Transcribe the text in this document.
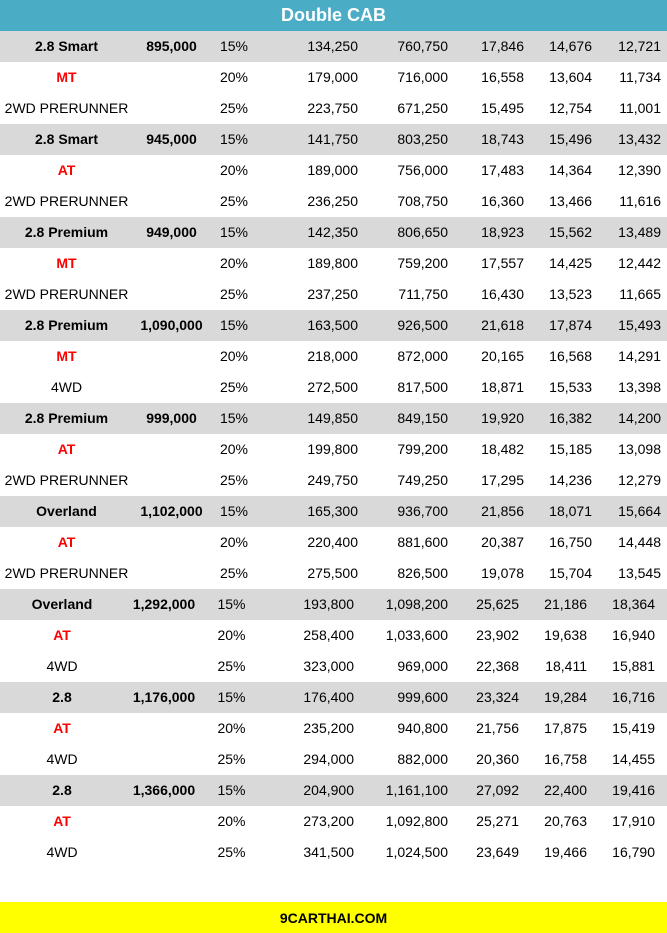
Double CAB
2.8 Smart	895,000	15%	134,250	760,750	17,846	14,676	12,721
MT	20%	179,000	716,000	16,558	13,604	11,734
2WD PRERUNNER	25%	223,750	671,250	15,495	12,754	11,001
2.8 Smart	945,000	15%	141,750	803,250	18,743	15,496	13,432
AT	20%	189,000	756,000	17,483	14,364	12,390
2WD PRERUNNER	25%	236,250	708,750	16,360	13,466	11,616
2.8 Premium	949,000	15%	142,350	806,650	18,923	15,562	13,489
MT	20%	189,800	759,200	17,557	14,425	12,442
2WD PRERUNNER	25%	237,250	711,750	16,430	13,523	11,665
2.8 Premium	1,090,000	15%	163,500	926,500	21,618	17,874	15,493
MT	20%	218,000	872,000	20,165	16,568	14,291
4WD	25%	272,500	817,500	18,871	15,533	13,398
2.8 Premium	999,000	15%	149,850	849,150	19,920	16,382	14,200
AT	20%	199,800	799,200	18,482	15,185	13,098
2WD PRERUNNER	25%	249,750	749,250	17,295	14,236	12,279
Overland	1,102,000	15%	165,300	936,700	21,856	18,071	15,664
AT	20%	220,400	881,600	20,387	16,750	14,448
2WD PRERUNNER	25%	275,500	826,500	19,078	15,704	13,545
Overland	1,292,000	15%	193,800	1,098,200	25,625	21,186	18,364
AT	20%	258,400	1,033,600	23,902	19,638	16,940
4WD	25%	323,000	969,000	22,368	18,411	15,881
2.8	1,176,000	15%	176,400	999,600	23,324	19,284	16,716
AT	20%	235,200	940,800	21,756	17,875	15,419
4WD	25%	294,000	882,000	20,360	16,758	14,455
2.8	1,366,000	15%	204,900	1,161,100	27,092	22,400	19,416
AT	20%	273,200	1,092,800	25,271	20,763	17,910
4WD	25%	341,500	1,024,500	23,649	19,466	16,790
9CARTHAI.COM
